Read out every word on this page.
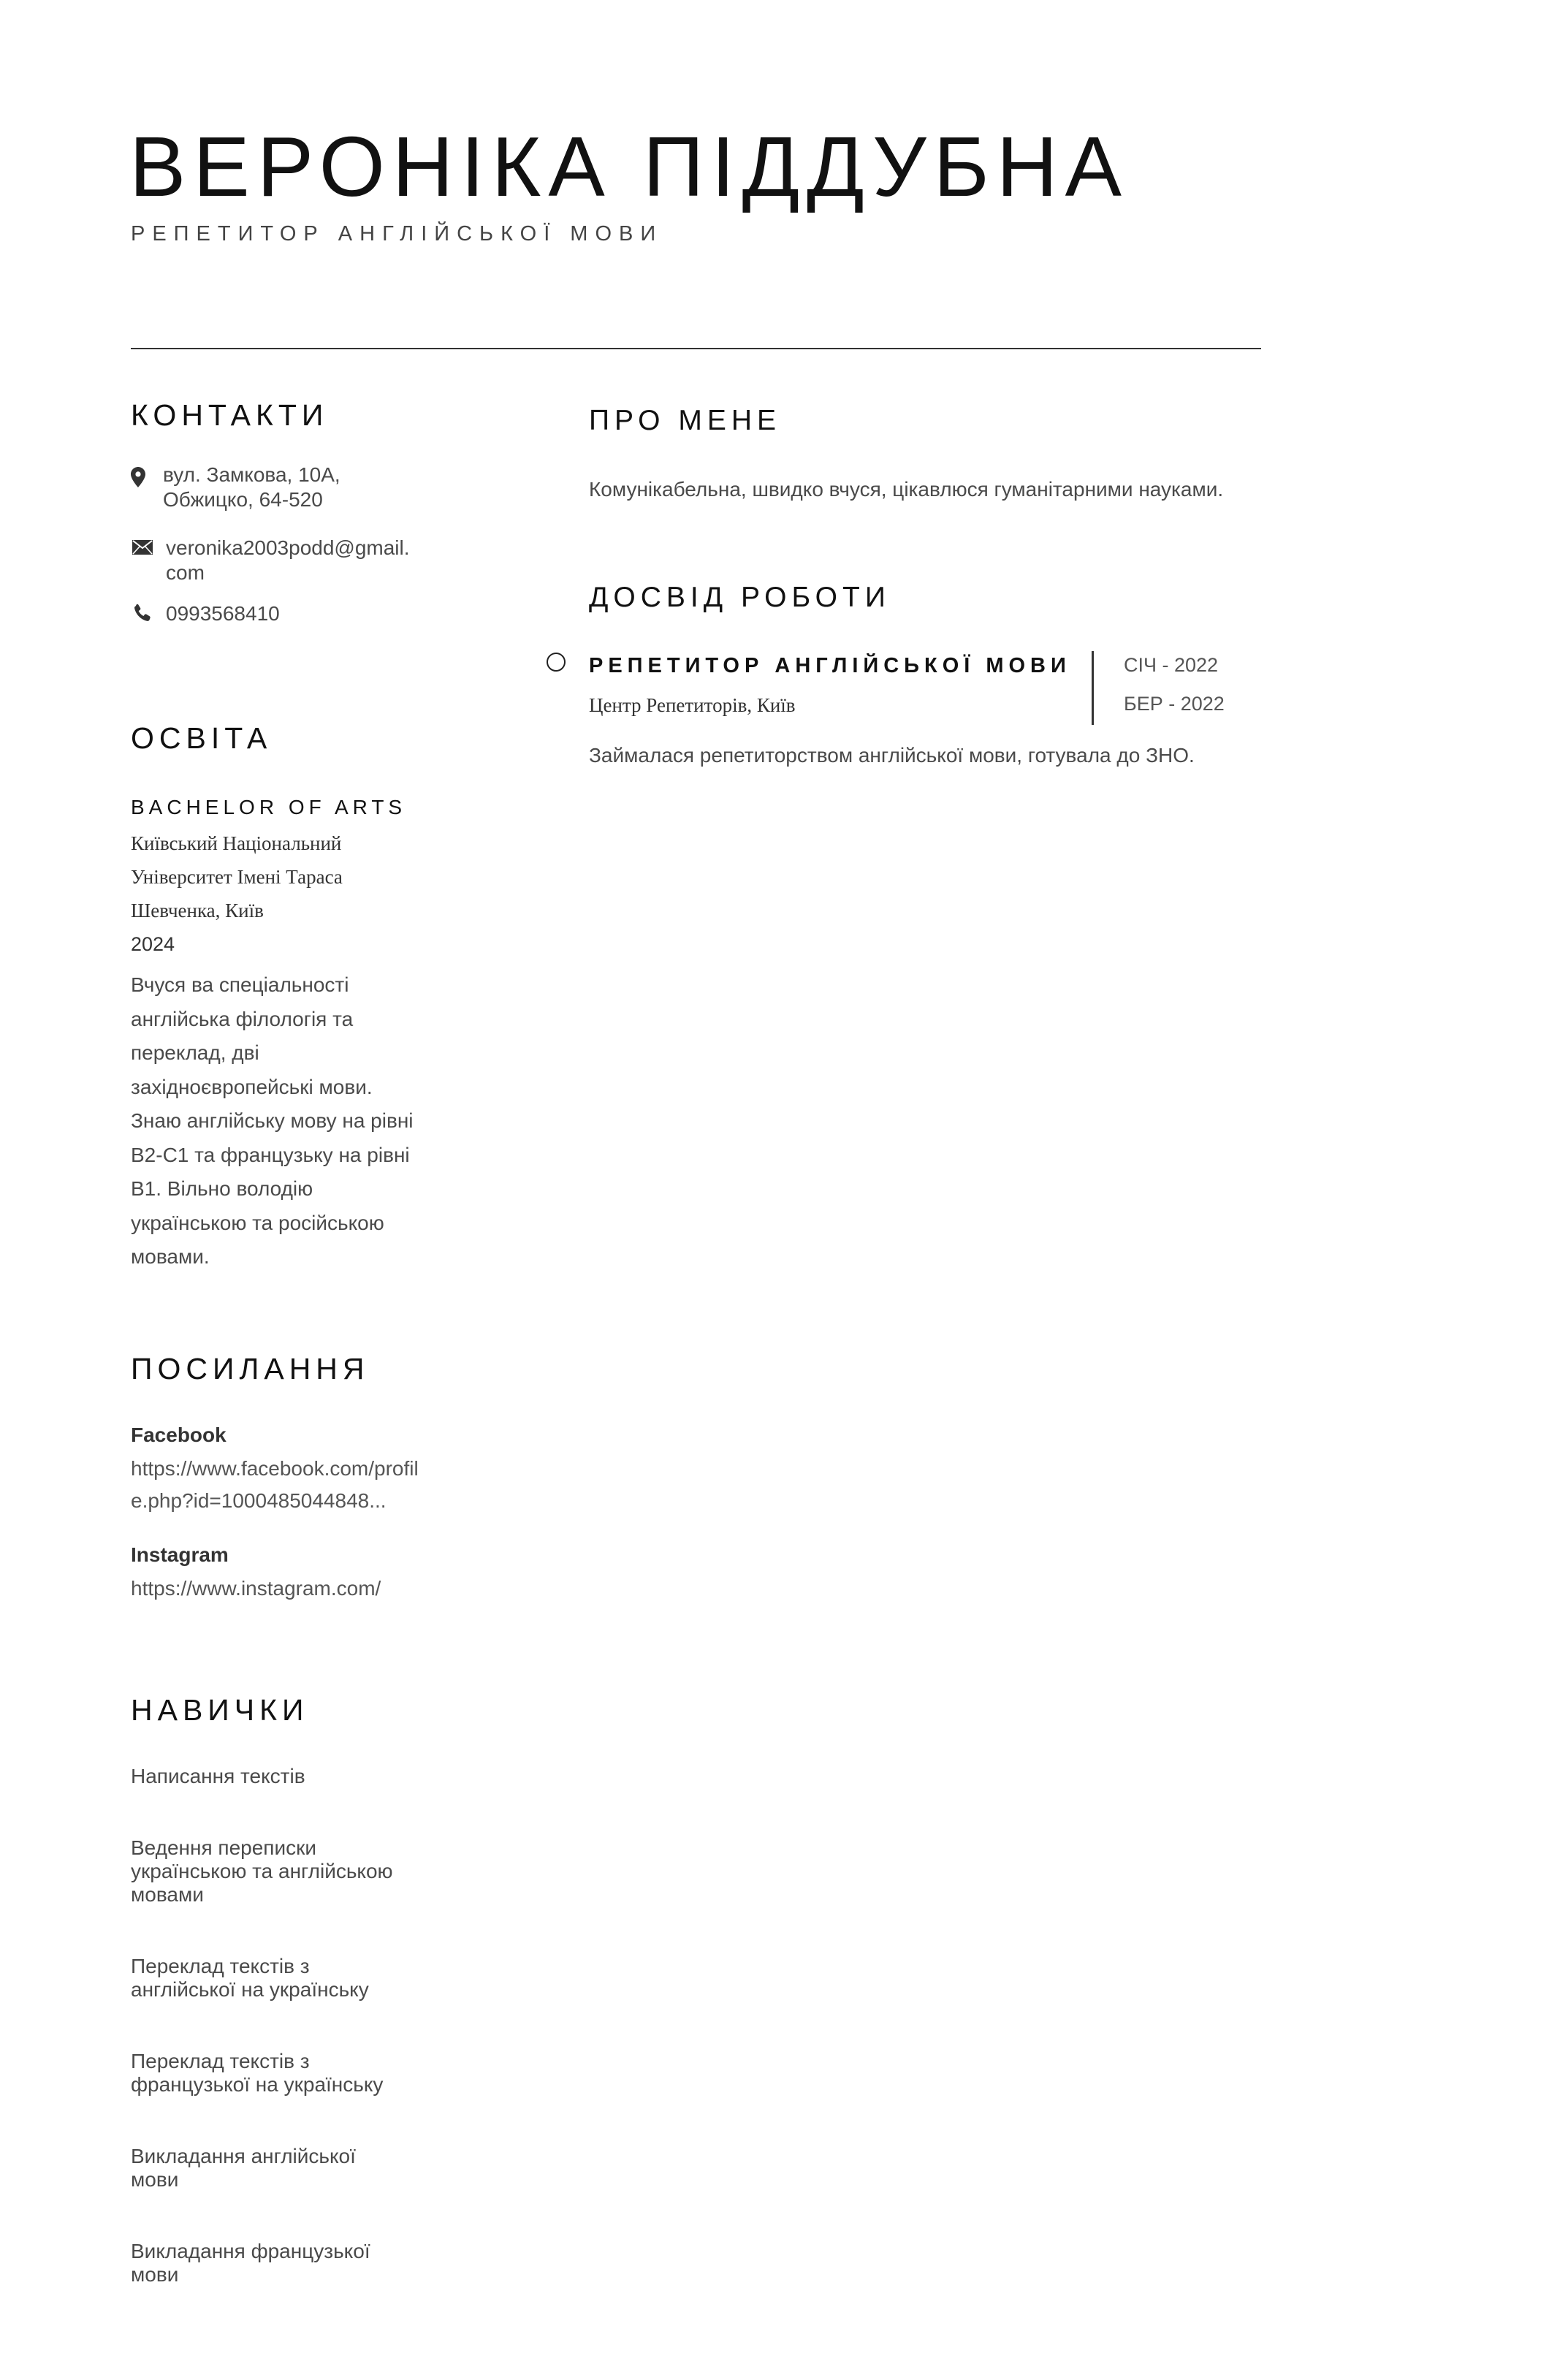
ВЕРОНІКА ПІДДУБНА
РЕПЕТИТОР АНГЛІЙСЬКОЇ МОВИ
КОНТАКТИ
вул. Замкова, 10А, Обжицко, 64-520
veronika2003podd@gmail.com
0993568410
ОСВІТА
BACHELOR OF ARTS
Київський Національний
Університет Імені Тараса
Шевченка, Київ
2024
Вчуся ва спеціальності англійська філологія та переклад, дві західноєвропейські мови. Знаю англійську мову на рівні B2-C1 та французьку на рівні B1. Вільно володію українською та російською мовами.
ПОСИЛАННЯ
Facebook
https://www.facebook.com/profile.php?id=1000485044848...
Instagram
https://www.instagram.com/
НАВИЧКИ
Написання текстів
Ведення переписки українською та англійською мовами
Переклад текстів з англійської на українську
Переклад текстів з французької на українську
Викладання англійської мови
Викладання французької мови
ПРО МЕНЕ
Комунікабельна, швидко вчуся, цікавлюся гуманітарними науками.
ДОСВІД РОБОТИ
РЕПЕТИТОР АНГЛІЙСЬКОЇ МОВИ
Центр Репетиторів, Київ
СІЧ - 2022
БЕР - 2022
Займалася репетиторством англійської мови, готувала до ЗНО.
